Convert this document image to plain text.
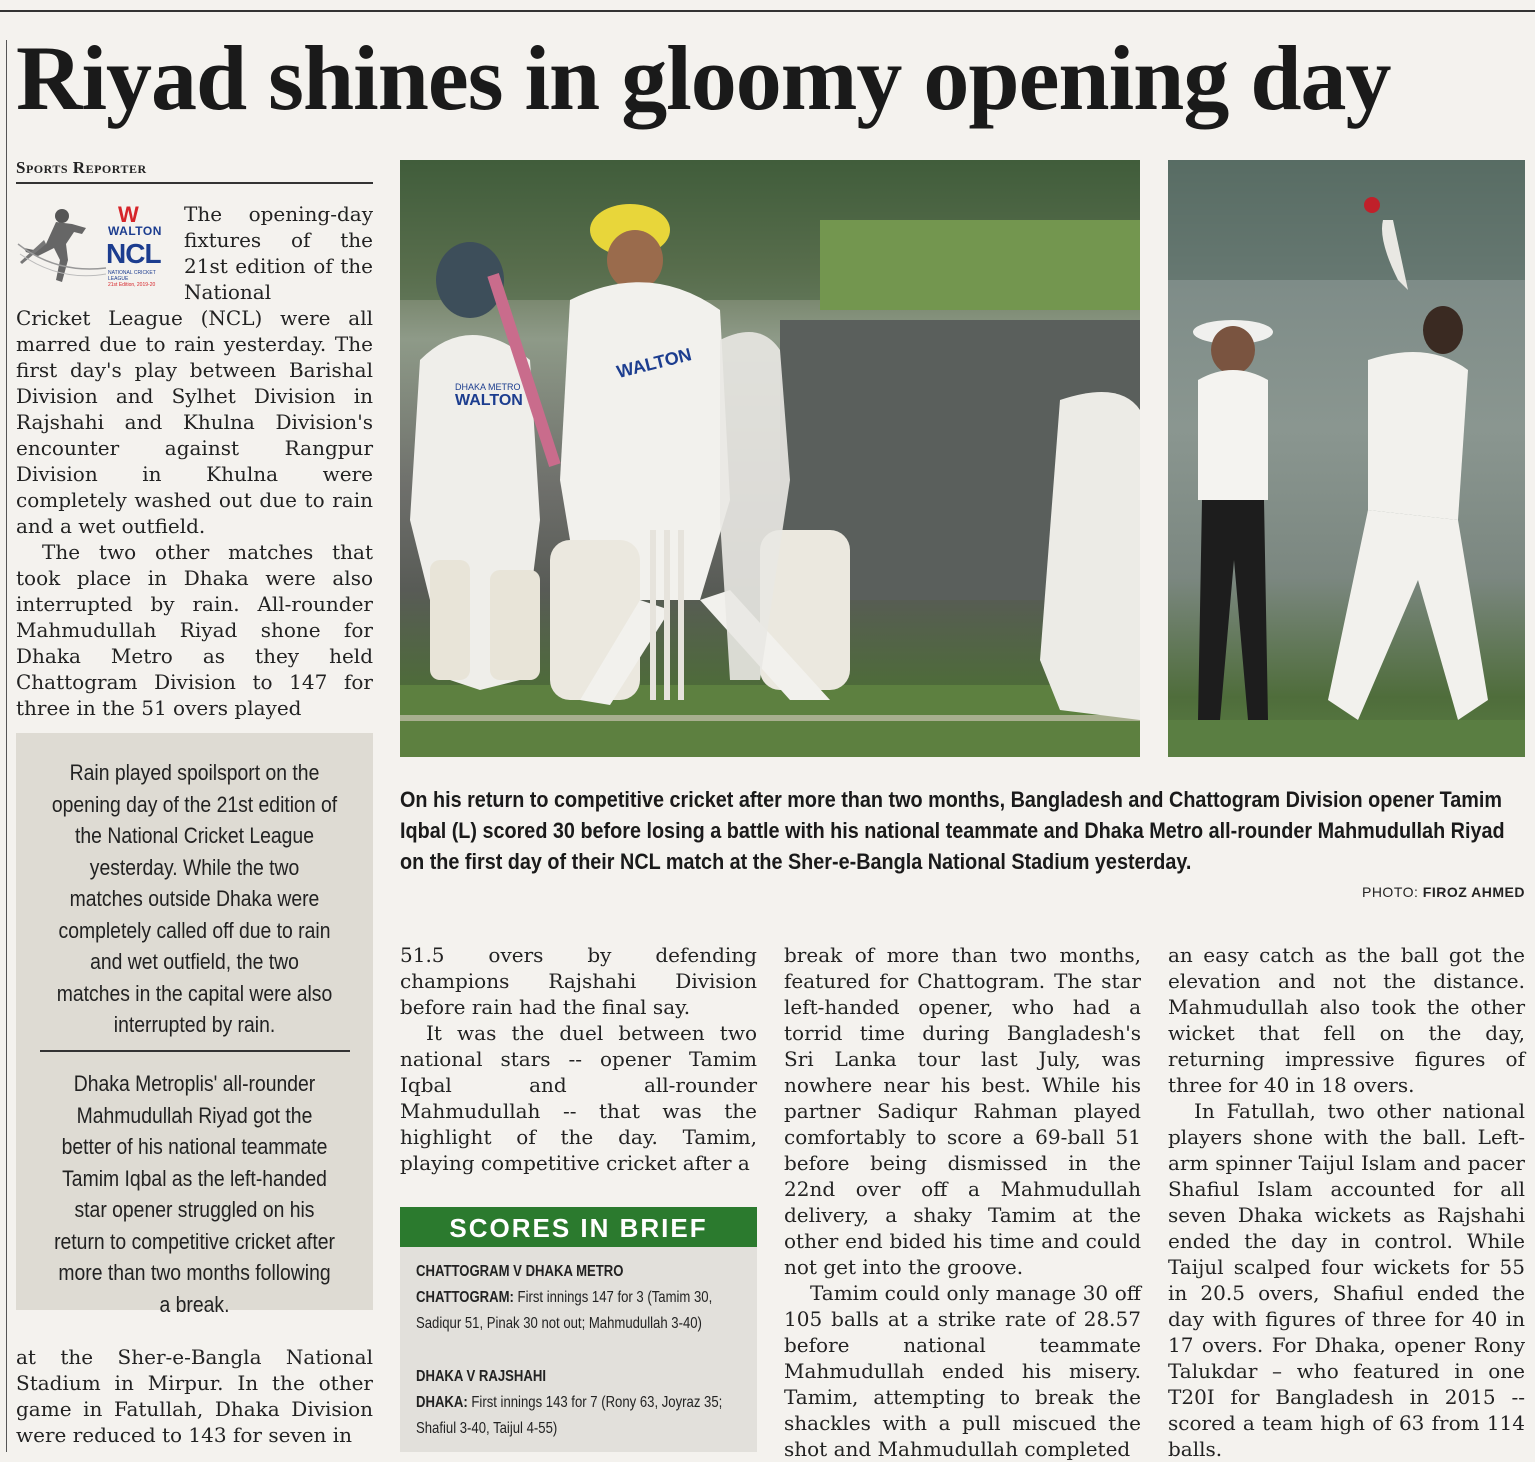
Riyad shines in gloomy opening day
Sports Reporter
W
WALTON
NCL
NATIONAL CRICKET LEAGUE
21st Edition, 2019-20

The opening-day fixtures of the 21st edition of the National

Cricket League (NCL) were all marred due to rain yesterday. The first day's play between Barishal Division and Sylhet Division in Rajshahi and Khulna Division's encounter against Rangpur Division in Khulna were completely washed out due to rain and a wet outfield.

The two other matches that took place in Dhaka were also interrupted by rain. All-rounder Mahmudullah Riyad shone for Dhaka Metro as they held Chattogram Division to 147 for three in the 51 overs played

Rain played spoilsport on the opening day of the 21st edition of the National Cricket League yesterday. While the two matches outside Dhaka were completely called off due to rain and wet outfield, the two matches in the capital were also interrupted by rain.
Dhaka Metroplis' all-rounder Mahmudullah Riyad got the better of his national teammate Tamim Iqbal as the left-handed star opener struggled on his return to competitive cricket after more than two months following a break.

at the Sher-e-Bangla National Stadium in Mirpur. In the other game in Fatullah, Dhaka Division were reduced to 143 for seven in

WALTON
DHAKA METRO
WALTON
On his return to competitive cricket after more than two months, Bangladesh and Chattogram Division opener Tamim Iqbal (L) scored 30 before losing a battle with his national teammate and Dhaka Metro all-rounder Mahmudullah Riyad on the first day of their NCL match at the Sher-e-Bangla National Stadium yesterday.
PHOTO: FIROZ AHMED

51.5 overs by defending champions Rajshahi Division before rain had the final say.

It was the duel between two national stars -- opener Tamim Iqbal and all-rounder Mahmudullah -- that was the highlight of the day. Tamim, playing competitive cricket after a

SCORES IN BRIEF
CHATTOGRAM V DHAKA METRO
CHATTOGRAM: First innings 147 for 3 (Tamim 30, Sadiqur 51, Pinak 30 not out; Mahmudullah 3-40)
DHAKA V RAJSHAHI
DHAKA: First innings 143 for 7 (Rony 63, Joyraz 35; Shafiul 3-40, Taijul 4-55)

break of more than two months, featured for Chattogram. The star left-handed opener, who had a torrid time during Bangladesh's Sri Lanka tour last July, was nowhere near his best. While his partner Sadiqur Rahman played comfortably to score a 69-ball 51 before being dismissed in the 22nd over off a Mahmudullah delivery, a shaky Tamim at the other end bided his time and could not get into the groove.

Tamim could only manage 30 off 105 balls at a strike rate of 28.57 before national teammate Mahmudullah ended his misery. Tamim, attempting to break the shackles with a pull miscued the shot and Mahmudullah completed

an easy catch as the ball got the elevation and not the distance. Mahmudullah also took the other wicket that fell on the day, returning impressive figures of three for 40 in 18 overs.

In Fatullah, two other national players shone with the ball. Left-arm spinner Taijul Islam and pacer Shafiul Islam accounted for all seven Dhaka wickets as Rajshahi ended the day in control. While Taijul scalped four wickets for 55 in 20.5 overs, Shafiul ended the day with figures of three for 40 in 17 overs. For Dhaka, opener Rony Talukdar – who featured in one T20I for Bangladesh in 2015 -- scored a team high of 63 from 114 balls.
